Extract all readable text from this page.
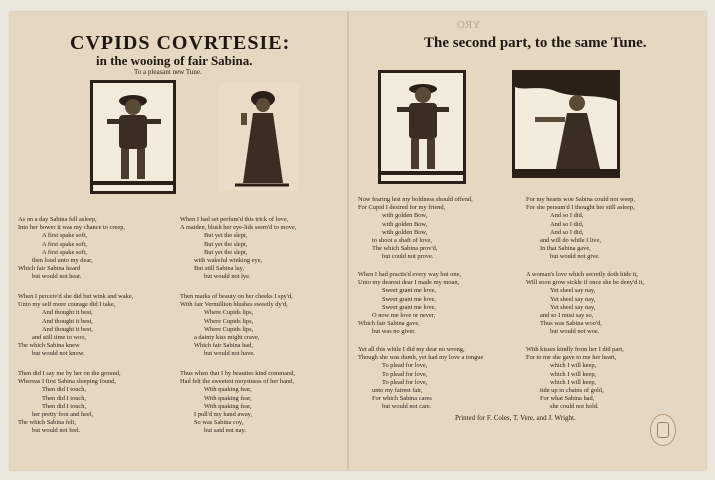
YRO
CVPIDS COVRTESIE:
in the wooing of fair Sabina.
To a pleasant new Tune.
The second part, to the same Tune.
As on a day Sabina fell asleep,
Into her bower it was my chance to creep,
A first spake soft,
A first spake soft,
A first spake soft,
then loud unto my dear,
Which fair Sabina heard
but would not hear.
When I had set perfum'd this trick of love,
A maiden, blush her eye-lids seem'd to move,
But yet the slept,
But yet the slept,
But yet the slept,
with wakeful winking eye,
But still Sabina lay,
but would not lye.
When I perceiv'd she did but wink and wake,
Unto my self more courage did I take,
And thought it best,
And thought it best,
And thought it best,
and still time to woo,
The which Sabina knew
but would not know.
Then marks of beauty on her cheeks I spy'd,
With fair Vermillion blushes sweetly dy'd,
Where Cupids lips,
Where Cupids lips,
Where Cupids lips,
a dainty kiss might crave,
Which fair Sabina had,
but would not have.
Then did I say me by her on the ground,
Whereas I first Sabina sleeping found,
Then did I touch,
Then did I touch,
Then did I touch,
her pretty foot and heel,
The which Sabina felt,
but would not feel.
Thus when that I by beauties kind command,
Had felt the sweetest moystness of her hand,
With quaking fear,
With quaking fear,
With quaking fear,
I pull'd my hand away,
So was Sabina coy,
but said not nay.
Now fearing lest my boldness should offend,
For Cupid I desired for my friend,
with golden Bow,
with golden Bow,
with golden Bow,
to shoot a shaft of love,
The which Sabina prov'd,
but could not prove.
For my hearts woe Sabina could not weep,
For she persum'd I thought her still asleep,
And so I did,
And so I did,
And so I did,
and will do while I live,
In that Sabina gave,
but would not give.
When I had practis'd every way but one,
Unto my dearest dear I made my moan,
Sweet grant me love,
Sweet grant me love,
Sweet grant me love,
O now me love or never,
Which fair Sabina gave,
but was no giver.
A woman's love which secretly doth hide it,
Will soon grow sickle if once she be deny'd it,
Yet sheel say nay,
Yet sheel say nay,
Yet sheel say nay,
and so I must say so,
Thus was Sabina woo'd,
but would not woe.
Yet all this while I did my dear no wrong,
Though she was dumb, yet had my love a tongue
To plead for love,
To plead for love,
To plead for love,
unto my fairest fair,
For which Sabina cares
but would not care.
With kisses kindly from her I did part,
For to me she gave to me her heart,
which I will keep,
which I will keep,
which I will keep,
tide up in chains of gold,
For what Sabina had,
she could not hold.
Printed for F. Coles, T. Vere, and J. Wright.
